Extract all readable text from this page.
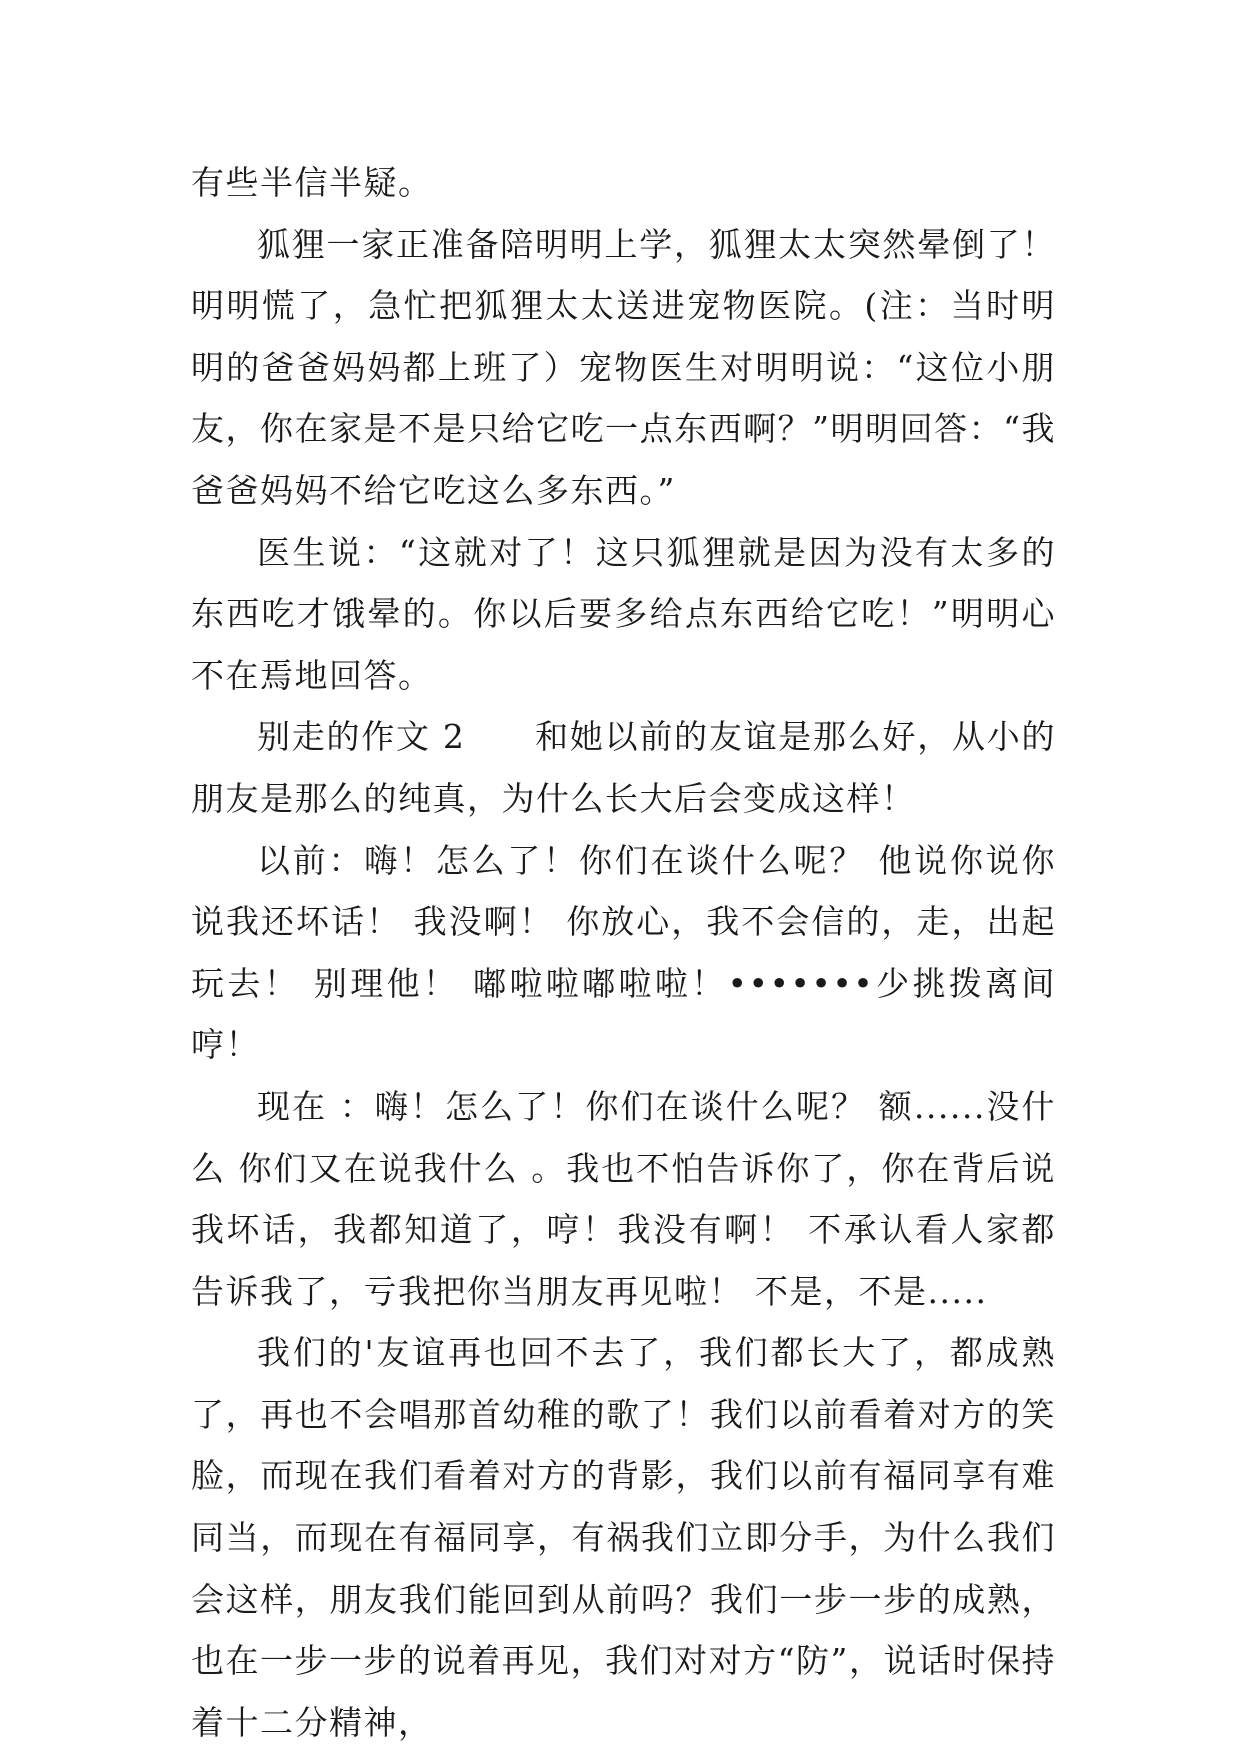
有些半信半疑。

狐狸一家正准备陪明明上学，狐狸太太突然晕倒了！明明慌了，急忙把狐狸太太送进宠物医院。(注：当时明明的爸爸妈妈都上班了）宠物医生对明明说：“这位小朋友，你在家是不是只给它吃一点东西啊？”明明回答：“我爸爸妈妈不给它吃这么多东西。”

医生说：“这就对了！这只狐狸就是因为没有太多的东西吃才饿晕的。你以后要多给点东西给它吃！”明明心不在焉地回答。

别走的作文 2　　和她以前的友谊是那么好，从小的朋友是那么的纯真，为什么长大后会变成这样！

以前：嗨！怎么了！你们在谈什么呢？ 他说你说你说我还坏话！ 我没啊！ 你放心，我不会信的，走，出起玩去！ 别理他！ 嘟啦啦嘟啦啦！•••••••少挑拨离间哼！

现在 ：嗨！怎么了！你们在谈什么呢？ 额......没什么 你们又在说我什么 。我也不怕告诉你了，你在背后说我坏话，我都知道了，哼！我没有啊！ 不承认看人家都告诉我了，亏我把你当朋友再见啦！ 不是，不是.....

我们的'友谊再也回不去了，我们都长大了，都成熟了，再也不会唱那首幼稚的歌了！我们以前看着对方的笑脸，而现在我们看着对方的背影，我们以前有福同享有难同当，而现在有福同享，有祸我们立即分手，为什么我们会这样，朋友我们能回到从前吗？我们一步一步的成熟，也在一步一步的说着再见，我们对对方“防”，说话时保持着十二分精神，
